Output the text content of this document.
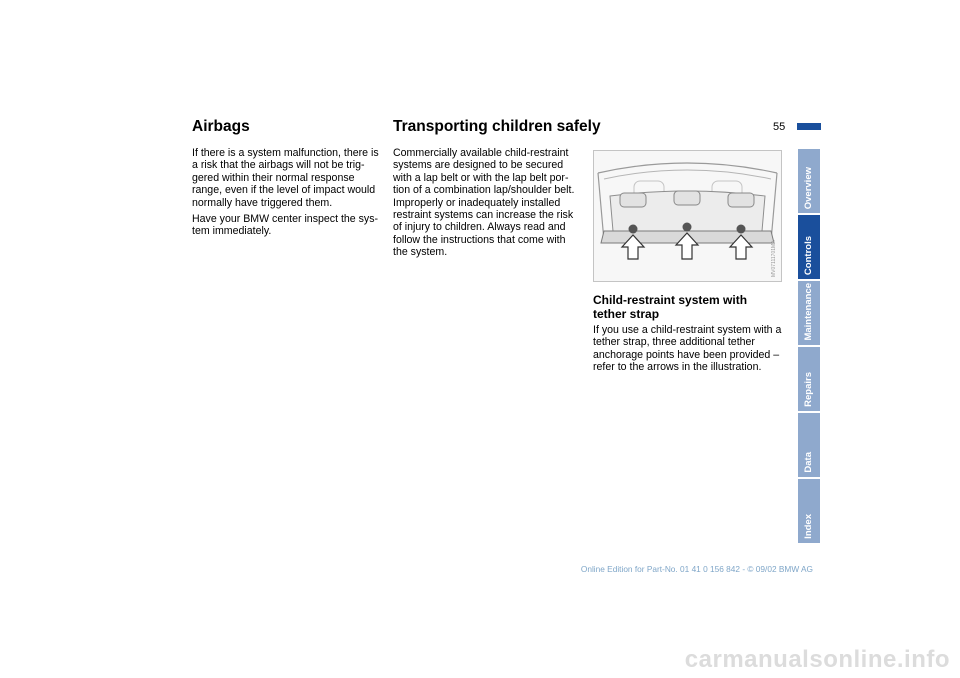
Airbags	Transporting children safely	55

If there is a system malfunction, there is a risk that the airbags will not be trig-gered within their normal response range, even if the level of impact would normally have triggered them.

Have your BMW center inspect the sys-tem immediately.

Commercially available child-restraint systems are designed to be secured with a lap belt or with the lap belt por-tion of a combination lap/shoulder belt. Improperly or inadequately installed restraint systems can increase the risk of injury to children. Always read and follow the instructions that come with the system.	MV07111701MA
Child-restraint system with tether strap

If you use a child-restraint system with a tether strap, three additional tether anchorage points have been provided – refer to the arrows in the illustration.

Overview
Controls
Maintenance
Repairs
Data
Index
Online Edition for Part-No. 01 41 0 156 842 - © 09/02 BMW AG
carmanualsonline.info
